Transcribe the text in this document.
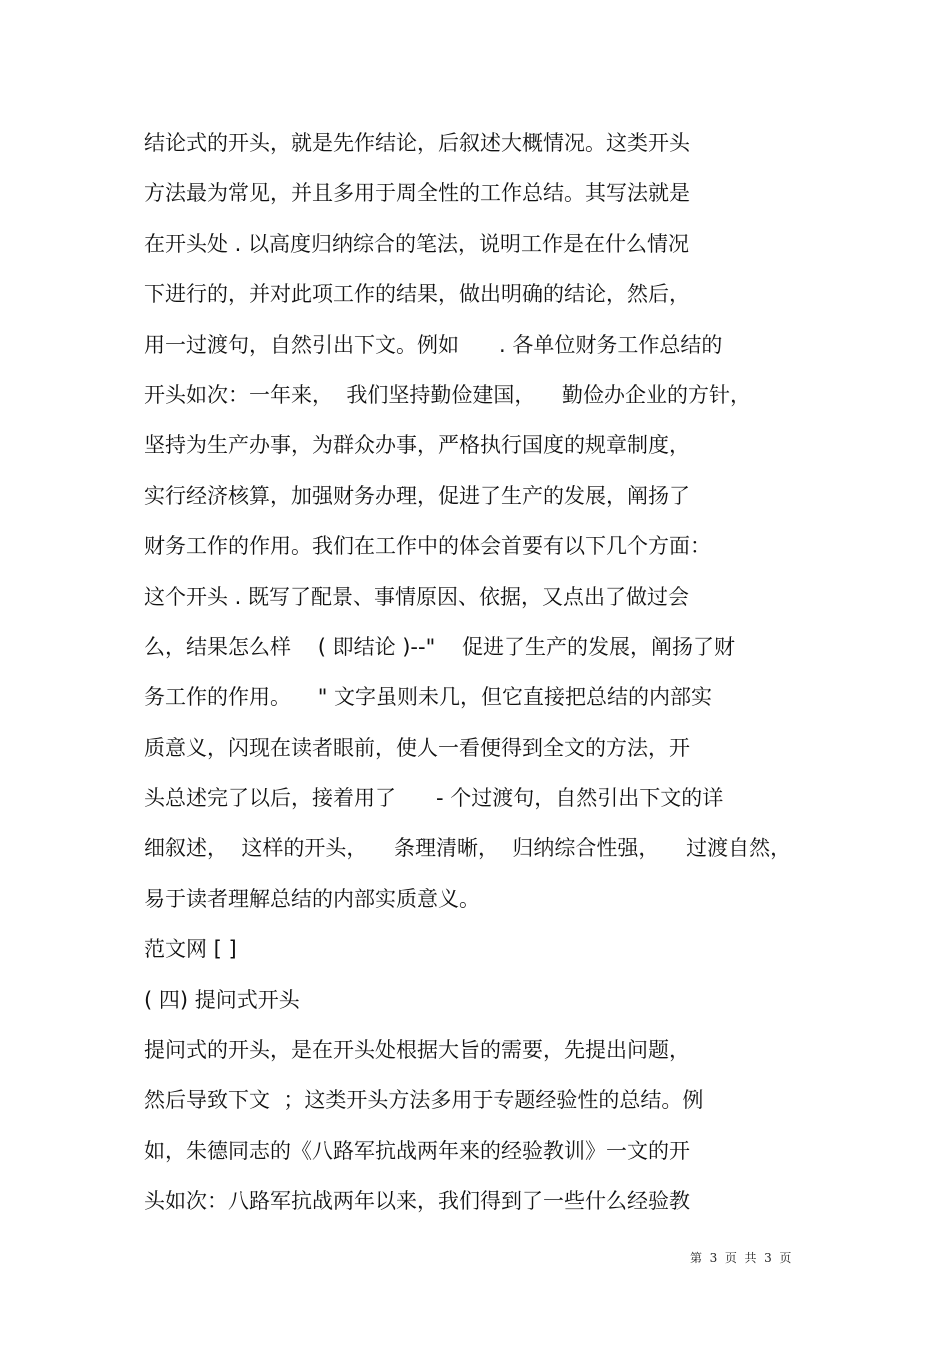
结论式的开头，就是先作结论，后叙述大概情况。这类开头
方法最为常见，并且多用于周全性的工作总结。其写法就是
在开头处 . 以高度归纳综合的笔法，说明工作是在什么情况
下进行的，并对此项工作的结果，做出明确的结论，然后，
用一过渡句，自然引出下文。例如      . 各单位财务工作总结的
开头如次：一年来，  我们坚持勤俭建国，    勤俭办企业的方针，
坚持为生产办事，为群众办事，严格执行国度的规章制度，
实行经济核算，加强财务办理，促进了生产的发展，阐扬了
财务工作的作用。我们在工作中的体会首要有以下几个方面：
这个开头 . 既写了配景、事情原因、依据，又点出了做过会
么，结果怎么样    ( 即结论 )--"    促进了生产的发展，阐扬了财
务工作的作用。    " 文字虽则未几，但它直接把总结的内部实
质意义，闪现在读者眼前，使人一看便得到全文的方法，开
头总述完了以后，接着用了      - 个过渡句，自然引出下文的详
细叙述，  这样的开头，    条理清晰，  归纳综合性强，    过渡自然，
易于读者理解总结的内部实质意义。
范文网 [ ]
( 四) 提问式开头
提问式的开头，是在开头处根据大旨的需要，先提出问题，
然后导致下文  ；这类开头方法多用于专题经验性的总结。例
如，朱德同志的《八路军抗战两年来的经验教训》一文的开
头如次：八路军抗战两年以来，我们得到了一些什么经验教
第  3  页  共  3  页
